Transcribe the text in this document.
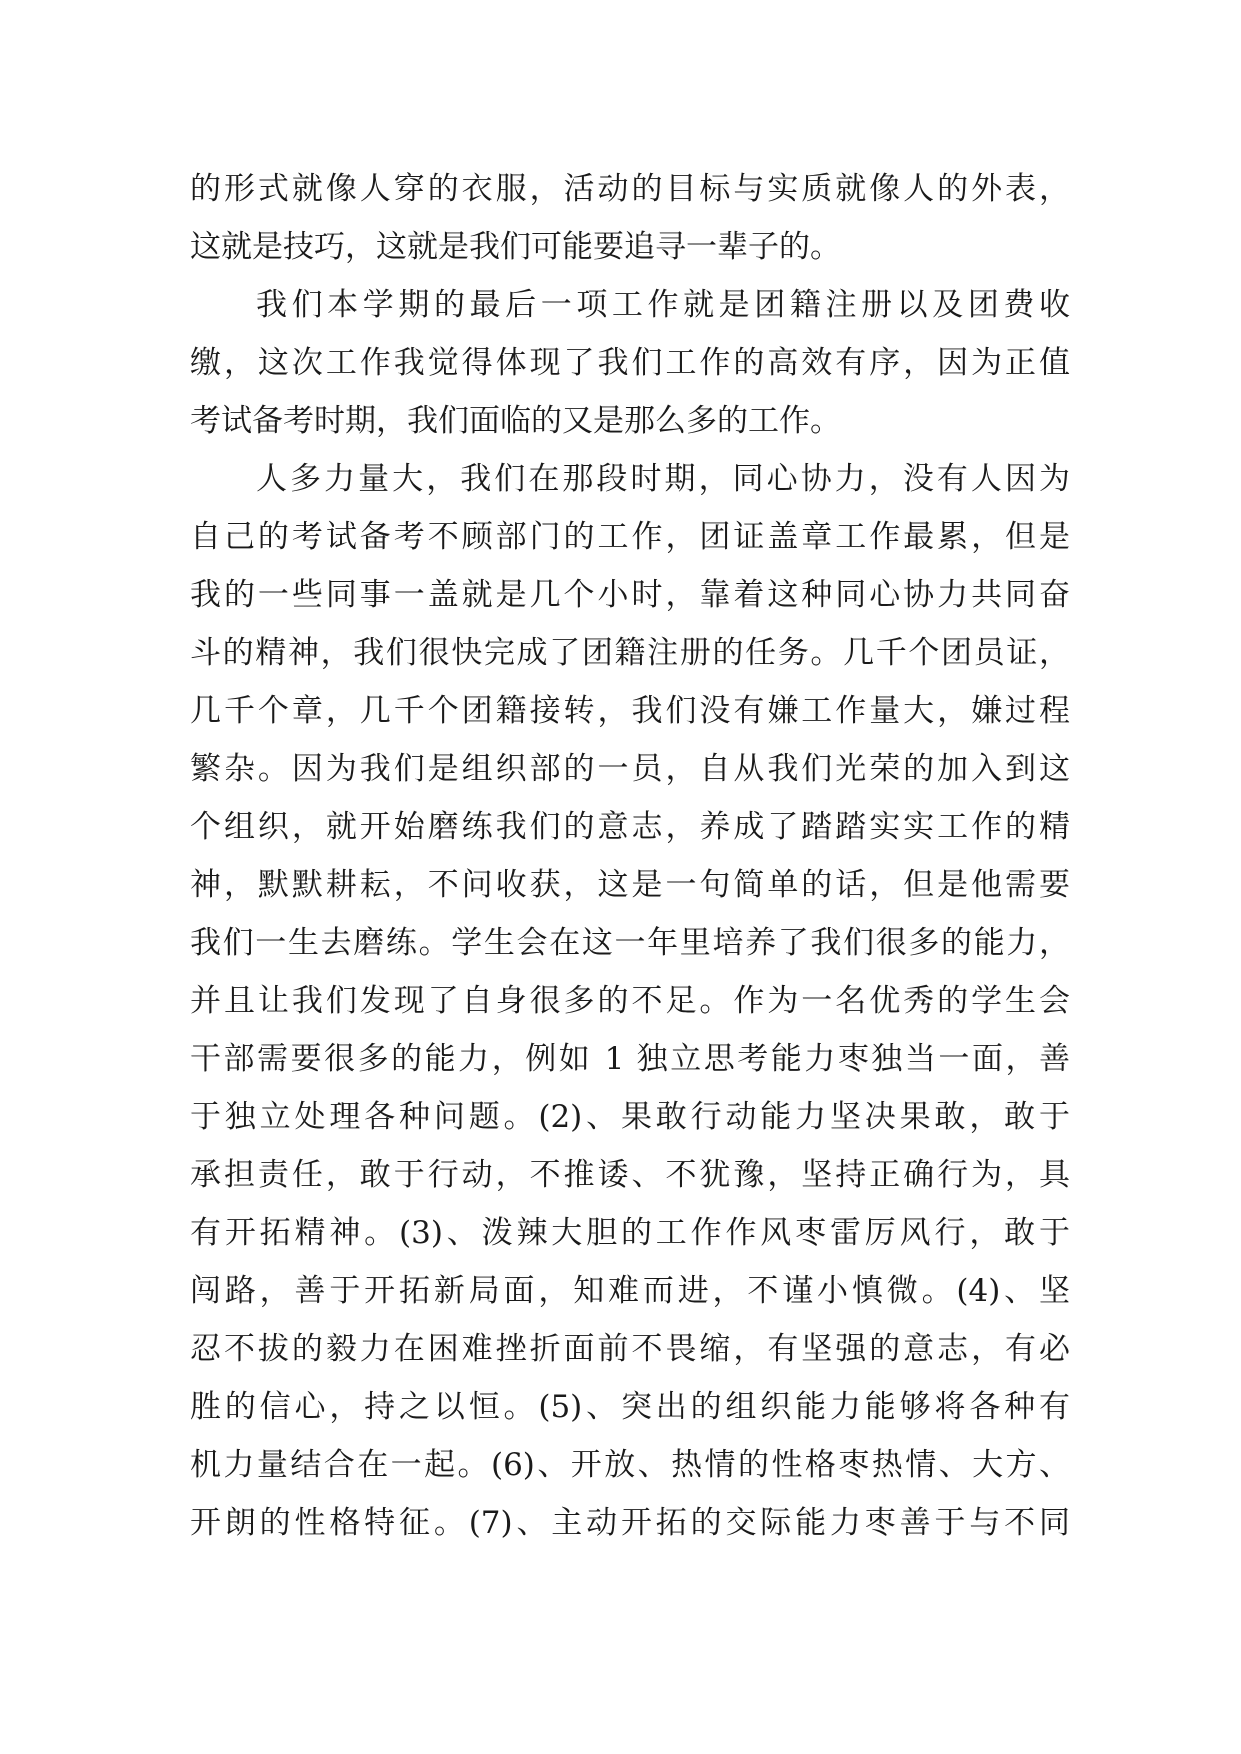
的形式就像人穿的衣服，活动的目标与实质就像人的外表，
这就是技巧，这就是我们可能要追寻一辈子的。
我们本学期的最后一项工作就是团籍注册以及团费收
缴，这次工作我觉得体现了我们工作的高效有序，因为正值
考试备考时期，我们面临的又是那么多的工作。
人多力量大，我们在那段时期，同心协力，没有人因为
自己的考试备考不顾部门的工作，团证盖章工作最累，但是
我的一些同事一盖就是几个小时，靠着这种同心协力共同奋
斗的精神，我们很快完成了团籍注册的任务。几千个团员证，
几千个章，几千个团籍接转，我们没有嫌工作量大，嫌过程
繁杂。因为我们是组织部的一员，自从我们光荣的加入到这
个组织，就开始磨练我们的意志，养成了踏踏实实工作的精
神，默默耕耘，不问收获，这是一句简单的话，但是他需要
我们一生去磨练。学生会在这一年里培养了我们很多的能力，
并且让我们发现了自身很多的不足。作为一名优秀的学生会
干部需要很多的能力，例如 1 独立思考能力枣独当一面，善
于独立处理各种问题。(2)、果敢行动能力坚决果敢，敢于
承担责任，敢于行动，不推诿、不犹豫，坚持正确行为，具
有开拓精神。(3)、泼辣大胆的工作作风枣雷厉风行，敢于
闯路，善于开拓新局面，知难而进，不谨小慎微。(4)、坚
忍不拔的毅力在困难挫折面前不畏缩，有坚强的意志，有必
胜的信心，持之以恒。(5)、突出的组织能力能够将各种有
机力量结合在一起。(6)、开放、热情的性格枣热情、大方、
开朗的性格特征。(7)、主动开拓的交际能力枣善于与不同
